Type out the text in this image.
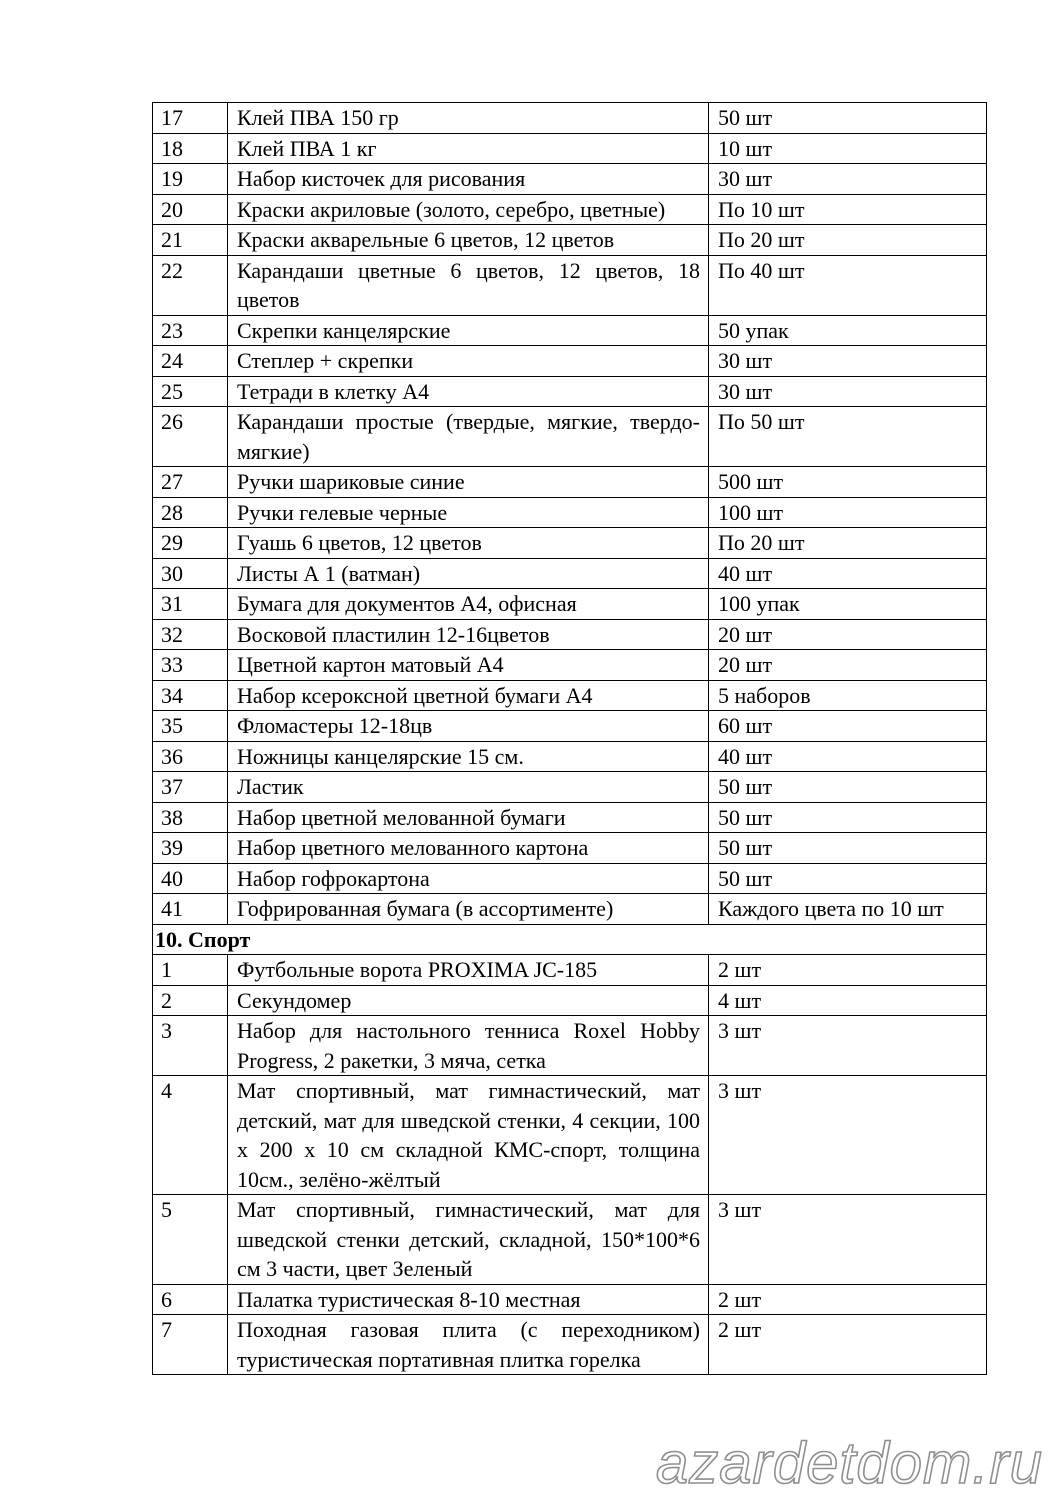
17	Клей ПВА 150 гр	50 шт
18	Клей ПВА 1 кг	10 шт
19	Набор кисточек для рисования	30 шт
20	Краски акриловые (золото, серебро, цветные)	По 10 шт
21	Краски акварельные 6 цветов, 12 цветов	По 20 шт
22	Карандаши цветные 6 цветов, 12 цветов, 18 цветов	По 40 шт
23	Скрепки канцелярские	50 упак
24	Степлер + скрепки	30 шт
25	Тетради в клетку А4	30 шт
26	Карандаши простые (твердые, мягкие, твердо-мягкие)	По 50 шт
27	Ручки шариковые синие	500 шт
28	Ручки гелевые черные	100 шт
29	Гуашь 6 цветов, 12 цветов	По 20 шт
30	Листы А 1 (ватман)	40 шт
31	Бумага для документов А4, офисная	100 упак
32	Восковой пластилин 12-16цветов	20 шт
33	Цветной картон матовый А4	20 шт
34	Набор ксероксной цветной бумаги А4	5 наборов
35	Фломастеры 12-18цв	60 шт
36	Ножницы канцелярские 15 см.	40 шт
37	Ластик	50 шт
38	Набор цветной мелованной бумаги	50 шт
39	Набор цветного мелованного картона	50 шт
40	Набор гофрокартона	50 шт
41	Гофрированная бумага (в ассортименте)	Каждого цвета по 10 шт
10. Спорт		
1	Футбольные ворота PROXIMA JC-185	2 шт
2	Секундомер	4 шт
3	Набор для настольного тенниса Roxel Hobby Progress, 2 ракетки, 3 мяча, сетка	3 шт
4	Мат спортивный, мат гимнастический, мат детский, мат для шведской стенки, 4 секции, 100 х 200 х 10 см складной КМС-спорт, толщина 10см., зелёно-жёлтый	3 шт
5	Мат спортивный, гимнастический, мат для шведской стенки детский, складной, 150*100*6 см 3 части, цвет Зеленый	3 шт
6	Палатка туристическая 8-10 местная	2 шт
7	Походная газовая плита (с переходником) туристическая портативная плитка горелка	2 шт
azardetdom.ru
